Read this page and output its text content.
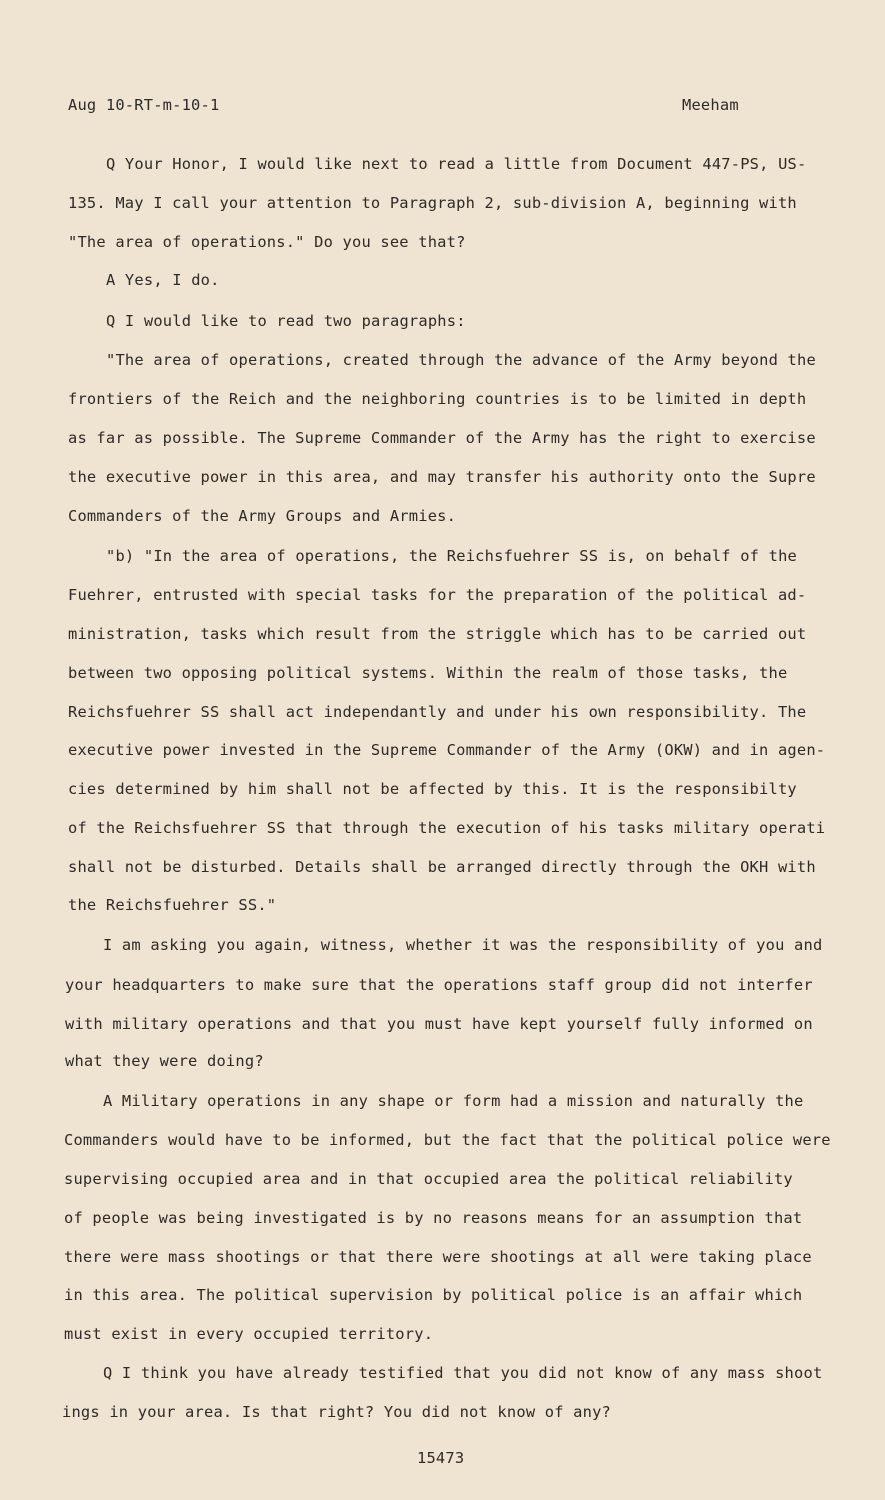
Aug 10-RT-m-10-1	Meeham
Q Your Honor, I would like next to read a little from Document 447-PS, US-
135. May I call your attention to Paragraph 2, sub-division A, beginning with
"The area of operations." Do you see that?
A Yes, I do.
Q I would like to read two paragraphs:
"The area of operations, created through the advance of the Army beyond the
frontiers of the Reich and the neighboring countries is to be limited in depth
as far as possible. The Supreme Commander of the Army has the right to exercise
the executive power in this area, and may transfer his authority onto the Supre
Commanders of the Army Groups and Armies.
"b) "In the area of operations, the Reichsfuehrer SS is, on behalf of the
Fuehrer, entrusted with special tasks for the preparation of the political ad-
ministration, tasks which result from the striggle which has to be carried out
between two opposing political systems. Within the realm of those tasks, the
Reichsfuehrer SS shall act independantly and under his own responsibility. The
executive power invested in the Supreme Commander of the Army (OKW) and in agen-
cies determined by him shall not be affected by this. It is the responsibilty
of the Reichsfuehrer SS that through the execution of his tasks military operati
shall not be disturbed. Details shall be arranged directly through the OKH with
the Reichsfuehrer SS."
I am asking you again, witness, whether it was the responsibility of you and
your headquarters to make sure that the operations staff group did not interfer
with military operations and that you must have kept yourself fully informed on
what they were doing?
A Military operations in any shape or form had a mission and naturally the
Commanders would have to be informed, but the fact that the political police were
supervising occupied area and in that occupied area the political reliability
of people was being investigated is by no reasons means for an assumption that
there were mass shootings or that there were shootings at all were taking place
in this area. The political supervision by political police is an affair which
must exist in every occupied territory.
Q I think you have already testified that you did not know of any mass shoot
ings in your area. Is that right? You did not know of any?
15473
